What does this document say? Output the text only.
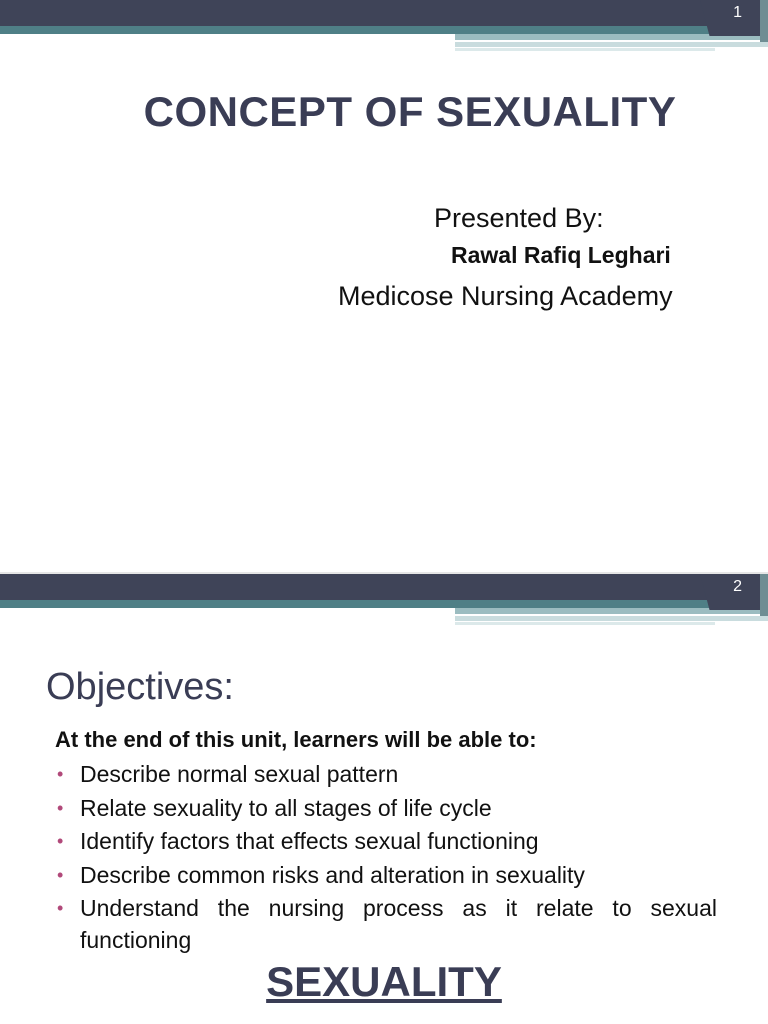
1
CONCEPT OF SEXUALITY
Presented By:
Rawal Rafiq Leghari
Medicose Nursing Academy
2
Objectives:
At the end of this unit, learners will be able to:
• Describe normal sexual pattern
• Relate sexuality to all stages of life cycle
• Identify factors that effects sexual functioning
• Describe common risks and alteration in sexuality
• Understand the nursing process as it relate to sexual functioning
SEXUALITY
